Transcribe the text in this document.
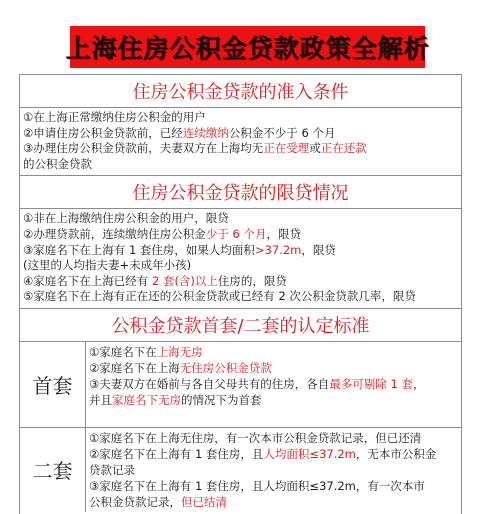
上海住房公积金贷款政策全解析
住房公积金贷款的准入条件
①在上海正常缴纳住房公积金的用户
②申请住房公积金贷款前，已经连续缴纳公积金不少于 6 个月
③办理住房公积金贷款前，夫妻双方在上海均无正在受理或正在还款
的公积金贷款
住房公积金贷款的限贷情况
①非在上海缴纳住房公积金的用户，限贷
②办理贷款前，连续缴纳住房公积金少于 6 个月，限贷
③家庭名下在上海有 1 套住房，如果人均面积>37.2m，限贷
(这里的人均指夫妻+未成年小孩)
④家庭名下在上海已经有 2 套(含)以上住房的，限贷
⑤家庭名下在上海有正在还的公积金贷款或已经有 2 次公积金贷款几率，限贷
公积金贷款首套/二套的认定标准
首套
①家庭名下在上海无房
②家庭名下在上海无住房公积金贷款
③夫妻双方在婚前与各自父母共有的住房，各自最多可剔除 1 套，
并且家庭名下无房的情况下为首套
二套
①家庭名下在上海无住房，有一次本市公积金贷款记录，但已还清
②家庭名下在上海有 1 套住房，且人均面积≤37.2m，无本市公积金
贷款记录
③家庭名下在上海有 1 套住房，且人均面积≤37.2m，有一次本市
公积金贷款记录，但已结清
